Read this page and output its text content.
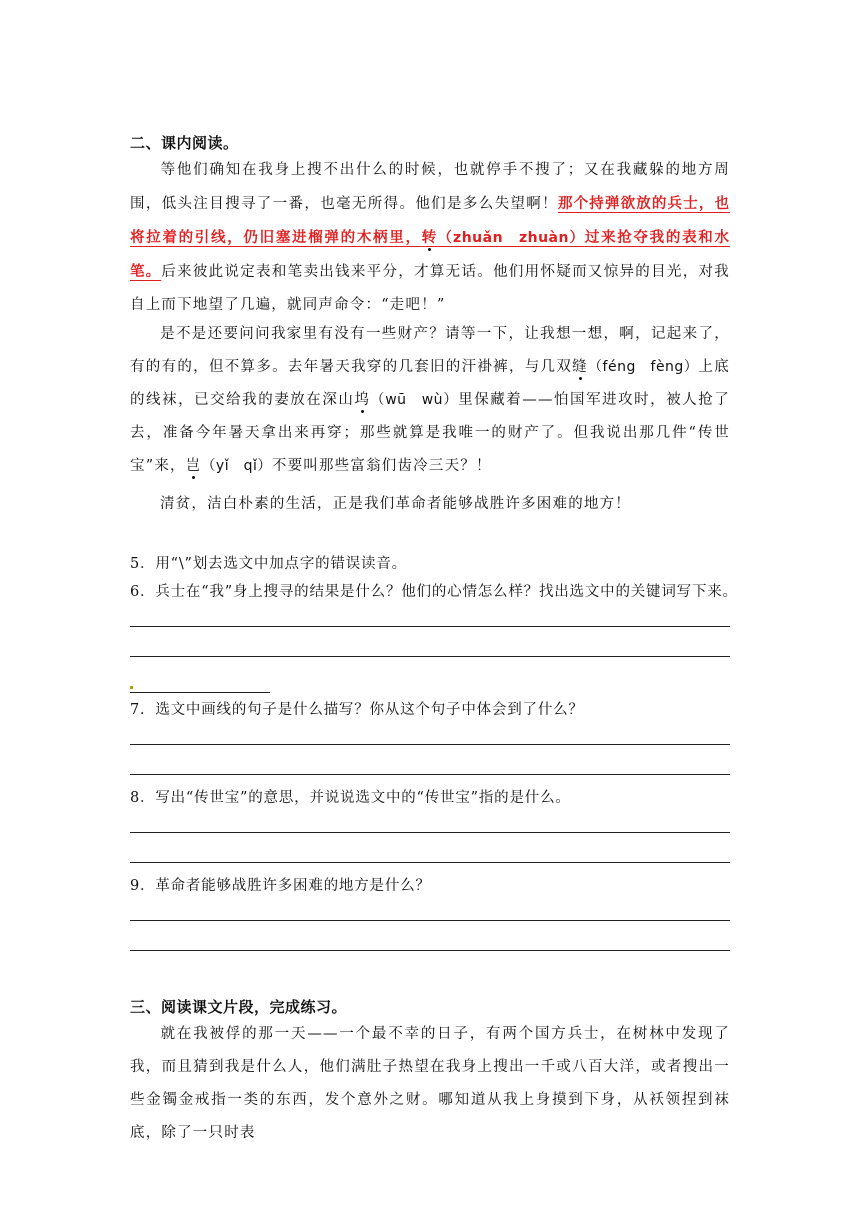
二、课内阅读。
等他们确知在我身上搜不出什么的时候，也就停手不搜了；又在我藏躲的地方周围，低头注目搜寻了一番，也毫无所得。他们是多么失望啊！那个持弹欲放的兵士，也将拉着的引线，仍旧塞进榴弹的木柄里，转（zhuǎn　zhuàn）过来抢夺我的表和水笔。后来彼此说定表和笔卖出钱来平分，才算无话。他们用怀疑而又惊异的目光，对我自上而下地望了几遍，就同声命令：“走吧！”
是不是还要问问我家里有没有一些财产？请等一下，让我想一想，啊，记起来了，有的有的，但不算多。去年暑天我穿的几套旧的汗褂裤，与几双缝（féng　fèng）上底的线袜，已交给我的妻放在深山坞（wū　wù）里保藏着——怕国军进攻时，被人抢了去，准备今年暑天拿出来再穿；那些就算是我唯一的财产了。但我说出那几件“传世宝”来，岂（yǐ　qǐ）不要叫那些富翁们齿冷三天？！
清贫，洁白朴素的生活，正是我们革命者能够战胜许多困难的地方！
5．用“\”划去选文中加点字的错误读音。
6．兵士在“我”身上搜寻的结果是什么？他们的心情怎么样？找出选文中的关键词写下来。
7．选文中画线的句子是什么描写？你从这个句子中体会到了什么？
8．写出“传世宝”的意思，并说说选文中的“传世宝”指的是什么。
9．革命者能够战胜许多困难的地方是什么？
三、阅读课文片段，完成练习。
就在我被俘的那一天——一个最不幸的日子，有两个国方兵士，在树林中发现了我，而且猜到我是什么人，他们满肚子热望在我身上搜出一千或八百大洋，或者搜出一些金镯金戒指一类的东西，发个意外之财。哪知道从我上身摸到下身，从袄领捏到袜底，除了一只时表
